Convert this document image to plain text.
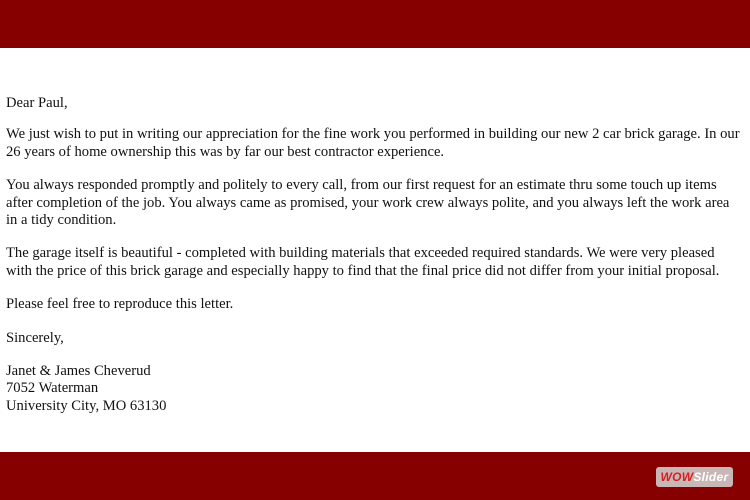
Dear Paul,

We just wish to put in writing our appreciation for the fine work you performed in building our new 2 car brick garage. In our 26 years of home ownership this was by far our best contractor experience.

You always responded promptly and politely to every call, from our first request for an estimate thru some touch up items after completion of the job. You always came as promised, your work crew always polite, and you always left the work area in a tidy condition.

The garage itself is beautiful - completed with building materials that exceeded required standards. We were very pleased with the price of this brick garage and especially happy to find that the final price did not differ from your initial proposal.

Please feel free to reproduce this letter.

Sincerely,

Janet & James Cheverud
7052 Waterman
University City, MO 63130
WOW Slider
